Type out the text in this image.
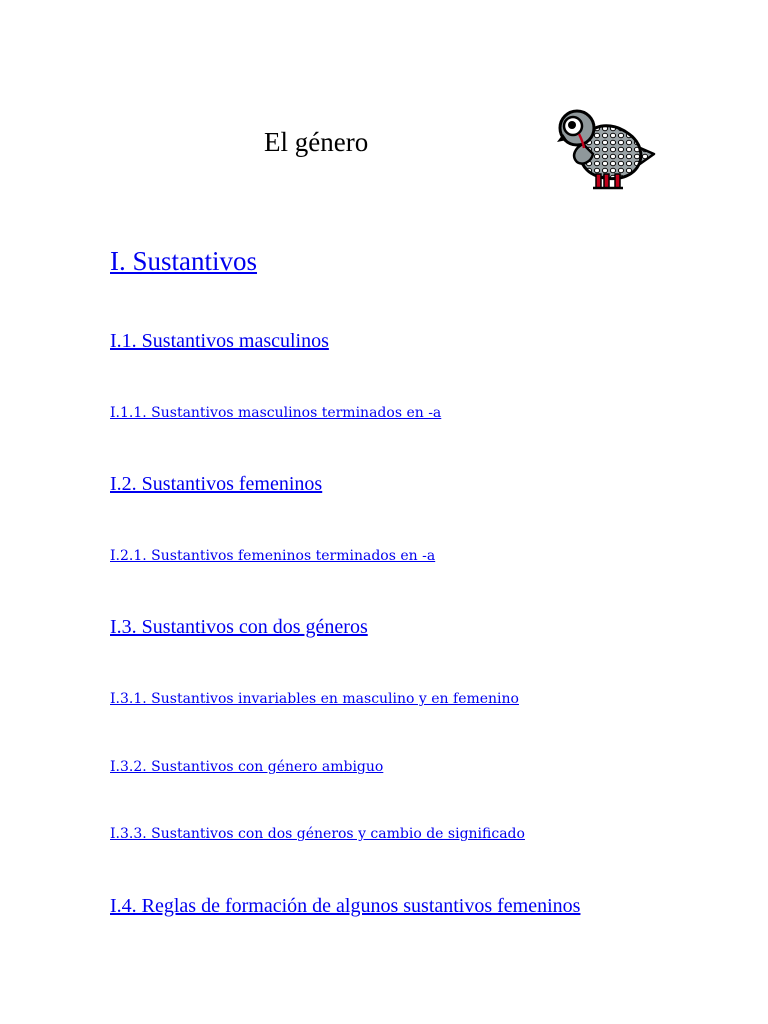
El género
I. Sustantivos
I.1. Sustantivos masculinos
I.1.1. Sustantivos masculinos terminados en -a
I.2. Sustantivos femeninos
I.2.1. Sustantivos femeninos terminados en -a
I.3. Sustantivos con dos géneros
I.3.1. Sustantivos invariables en masculino y en femenino
I.3.2. Sustantivos con género ambiguo
I.3.3. Sustantivos con dos géneros y cambio de significado
I.4. Reglas de formación de algunos sustantivos femeninos
